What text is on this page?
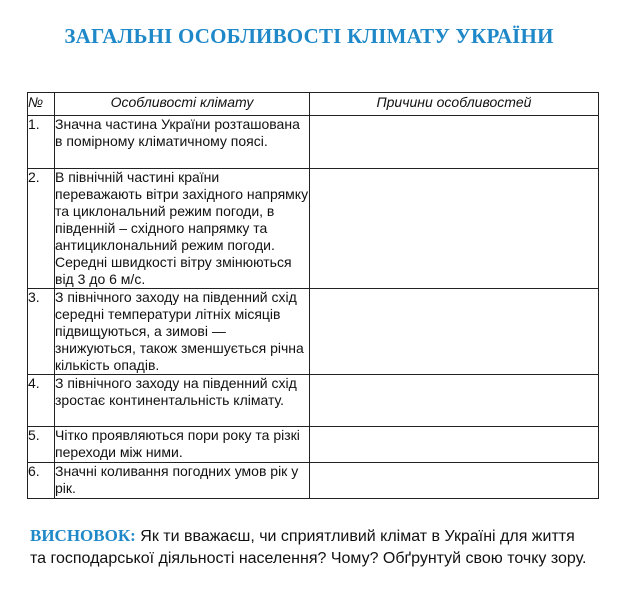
ЗАГАЛЬНІ ОСОБЛИВОСТІ КЛІМАТУ УКРАЇНИ
№	Особливості клімату	Причини особливостей
1.	Значна частина України розташована в помірному кліматичному поясі.	
2.	В північній частині країни переважають вітри західного напрямку та циклональний режим погоди, в південній – східного напрямку та антициклональний режим погоди. Середні швидкості вітру змінюються від 3 до 6 м/с.	
3.	З північного заходу на південний схід середні температури літніх місяців підвищуються, а зимові — знижуються, також зменшується річна кількість опадів.	
4.	З північного заходу на південний схід зростає континентальність клімату.	
5.	Чітко проявляються пори року та різкі переходи між ними.	
6.	Значні коливання погодних умов рік у рік.	
ВИСНОВОК: Як ти вважаєш, чи сприятливий клімат в Україні для життя та господарської діяльності населення? Чому? Обґрунтуй свою точку зору.
